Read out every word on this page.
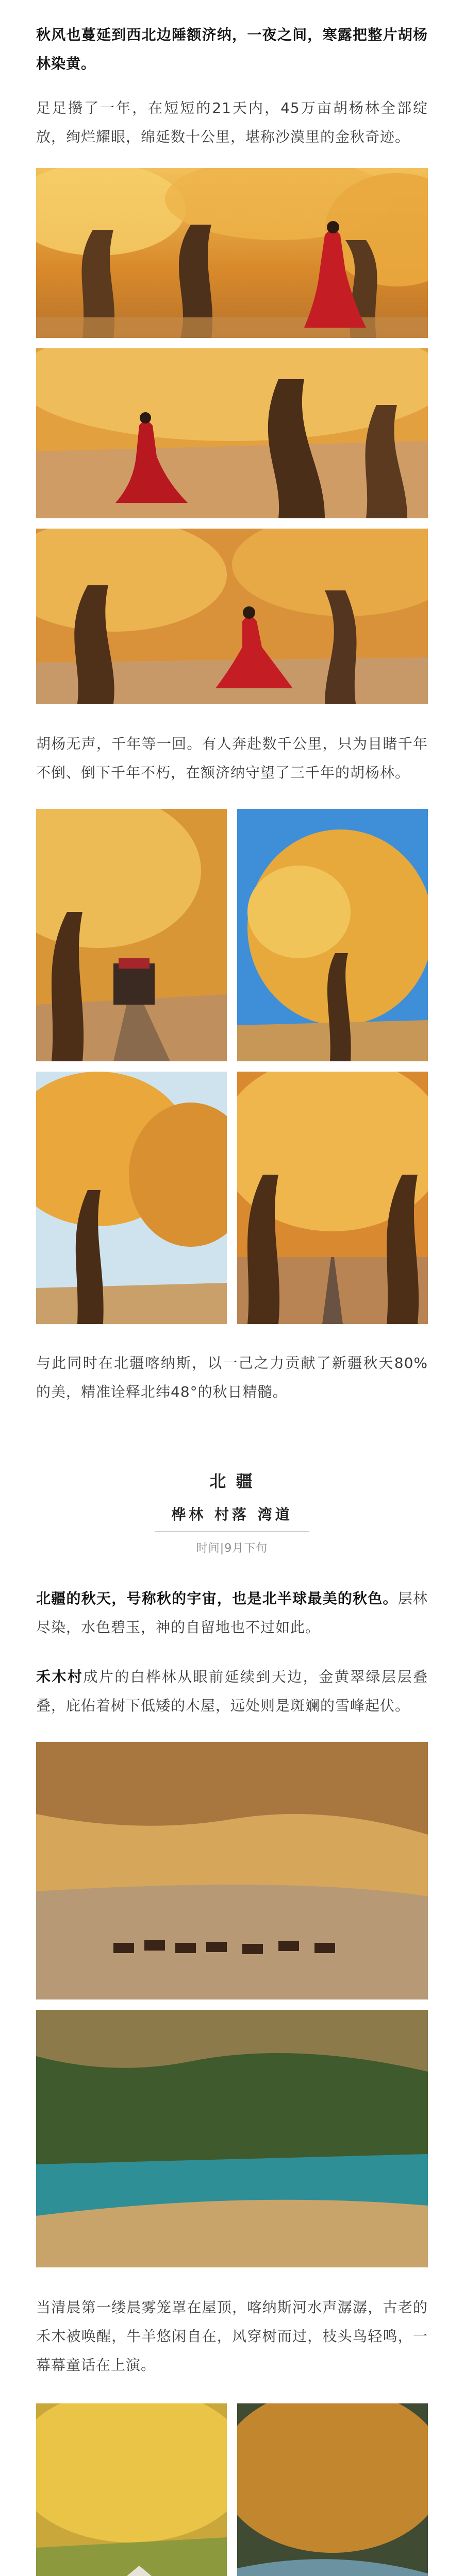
秋风也蔓延到西北边陲额济纳，一夜之间，寒露把整片胡杨林染黄。

足足攒了一年，在短短的21天内，45万亩胡杨林全部绽放，绚烂耀眼，绵延数十公里，堪称沙漠里的金秋奇迹。

胡杨无声，千年等一回。有人奔赴数千公里，只为目睹千年不倒、倒下千年不朽，在额济纳守望了三千年的胡杨林。

与此同时在北疆喀纳斯，以一己之力贡献了新疆秋天80%的美，精准诠释北纬48°的秋日精髓。

北 疆
桦林 村落 湾道
时间|9月下旬

北疆的秋天，号称秋的宇宙，也是北半球最美的秋色。层林尽染，水色碧玉，神的自留地也不过如此。

禾木村成片的白桦林从眼前延续到天边，金黄翠绿层层叠叠，庇佑着树下低矮的木屋，远处则是斑斓的雪峰起伏。

当清晨第一缕晨雾笼罩在屋顶，喀纳斯河水声潺潺，古老的禾木被唤醒，牛羊悠闲自在，风穿树而过，枝头鸟轻鸣，一幕幕童话在上演。
